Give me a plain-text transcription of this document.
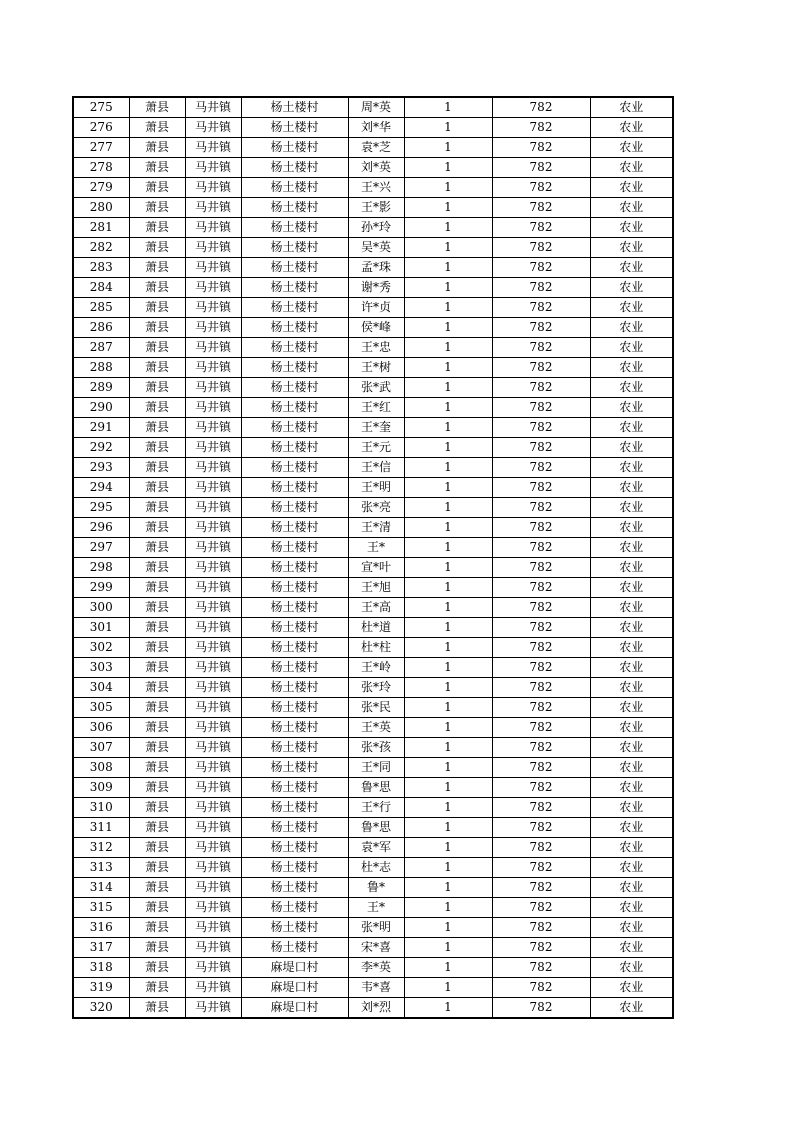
275	萧县	马井镇	杨土楼村	周*英	1	782	农业
276	萧县	马井镇	杨土楼村	刘*华	1	782	农业
277	萧县	马井镇	杨土楼村	袁*芝	1	782	农业
278	萧县	马井镇	杨土楼村	刘*英	1	782	农业
279	萧县	马井镇	杨土楼村	王*兴	1	782	农业
280	萧县	马井镇	杨土楼村	王*影	1	782	农业
281	萧县	马井镇	杨土楼村	孙*玲	1	782	农业
282	萧县	马井镇	杨土楼村	吴*英	1	782	农业
283	萧县	马井镇	杨土楼村	孟*珠	1	782	农业
284	萧县	马井镇	杨土楼村	谢*秀	1	782	农业
285	萧县	马井镇	杨土楼村	许*贞	1	782	农业
286	萧县	马井镇	杨土楼村	侯*峰	1	782	农业
287	萧县	马井镇	杨土楼村	王*忠	1	782	农业
288	萧县	马井镇	杨土楼村	王*树	1	782	农业
289	萧县	马井镇	杨土楼村	张*武	1	782	农业
290	萧县	马井镇	杨土楼村	王*红	1	782	农业
291	萧县	马井镇	杨土楼村	王*奎	1	782	农业
292	萧县	马井镇	杨土楼村	王*元	1	782	农业
293	萧县	马井镇	杨土楼村	王*信	1	782	农业
294	萧县	马井镇	杨土楼村	王*明	1	782	农业
295	萧县	马井镇	杨土楼村	张*亮	1	782	农业
296	萧县	马井镇	杨土楼村	王*清	1	782	农业
297	萧县	马井镇	杨土楼村	王*	1	782	农业
298	萧县	马井镇	杨土楼村	宣*叶	1	782	农业
299	萧县	马井镇	杨土楼村	王*旭	1	782	农业
300	萧县	马井镇	杨土楼村	王*高	1	782	农业
301	萧县	马井镇	杨土楼村	杜*道	1	782	农业
302	萧县	马井镇	杨土楼村	杜*柱	1	782	农业
303	萧县	马井镇	杨土楼村	王*岭	1	782	农业
304	萧县	马井镇	杨土楼村	张*玲	1	782	农业
305	萧县	马井镇	杨土楼村	张*民	1	782	农业
306	萧县	马井镇	杨土楼村	王*英	1	782	农业
307	萧县	马井镇	杨土楼村	张*孩	1	782	农业
308	萧县	马井镇	杨土楼村	王*同	1	782	农业
309	萧县	马井镇	杨土楼村	鲁*思	1	782	农业
310	萧县	马井镇	杨土楼村	王*行	1	782	农业
311	萧县	马井镇	杨土楼村	鲁*思	1	782	农业
312	萧县	马井镇	杨土楼村	袁*军	1	782	农业
313	萧县	马井镇	杨土楼村	杜*志	1	782	农业
314	萧县	马井镇	杨土楼村	鲁*	1	782	农业
315	萧县	马井镇	杨土楼村	王*	1	782	农业
316	萧县	马井镇	杨土楼村	张*明	1	782	农业
317	萧县	马井镇	杨土楼村	宋*喜	1	782	农业
318	萧县	马井镇	麻堤口村	李*英	1	782	农业
319	萧县	马井镇	麻堤口村	韦*喜	1	782	农业
320	萧县	马井镇	麻堤口村	刘*烈	1	782	农业
